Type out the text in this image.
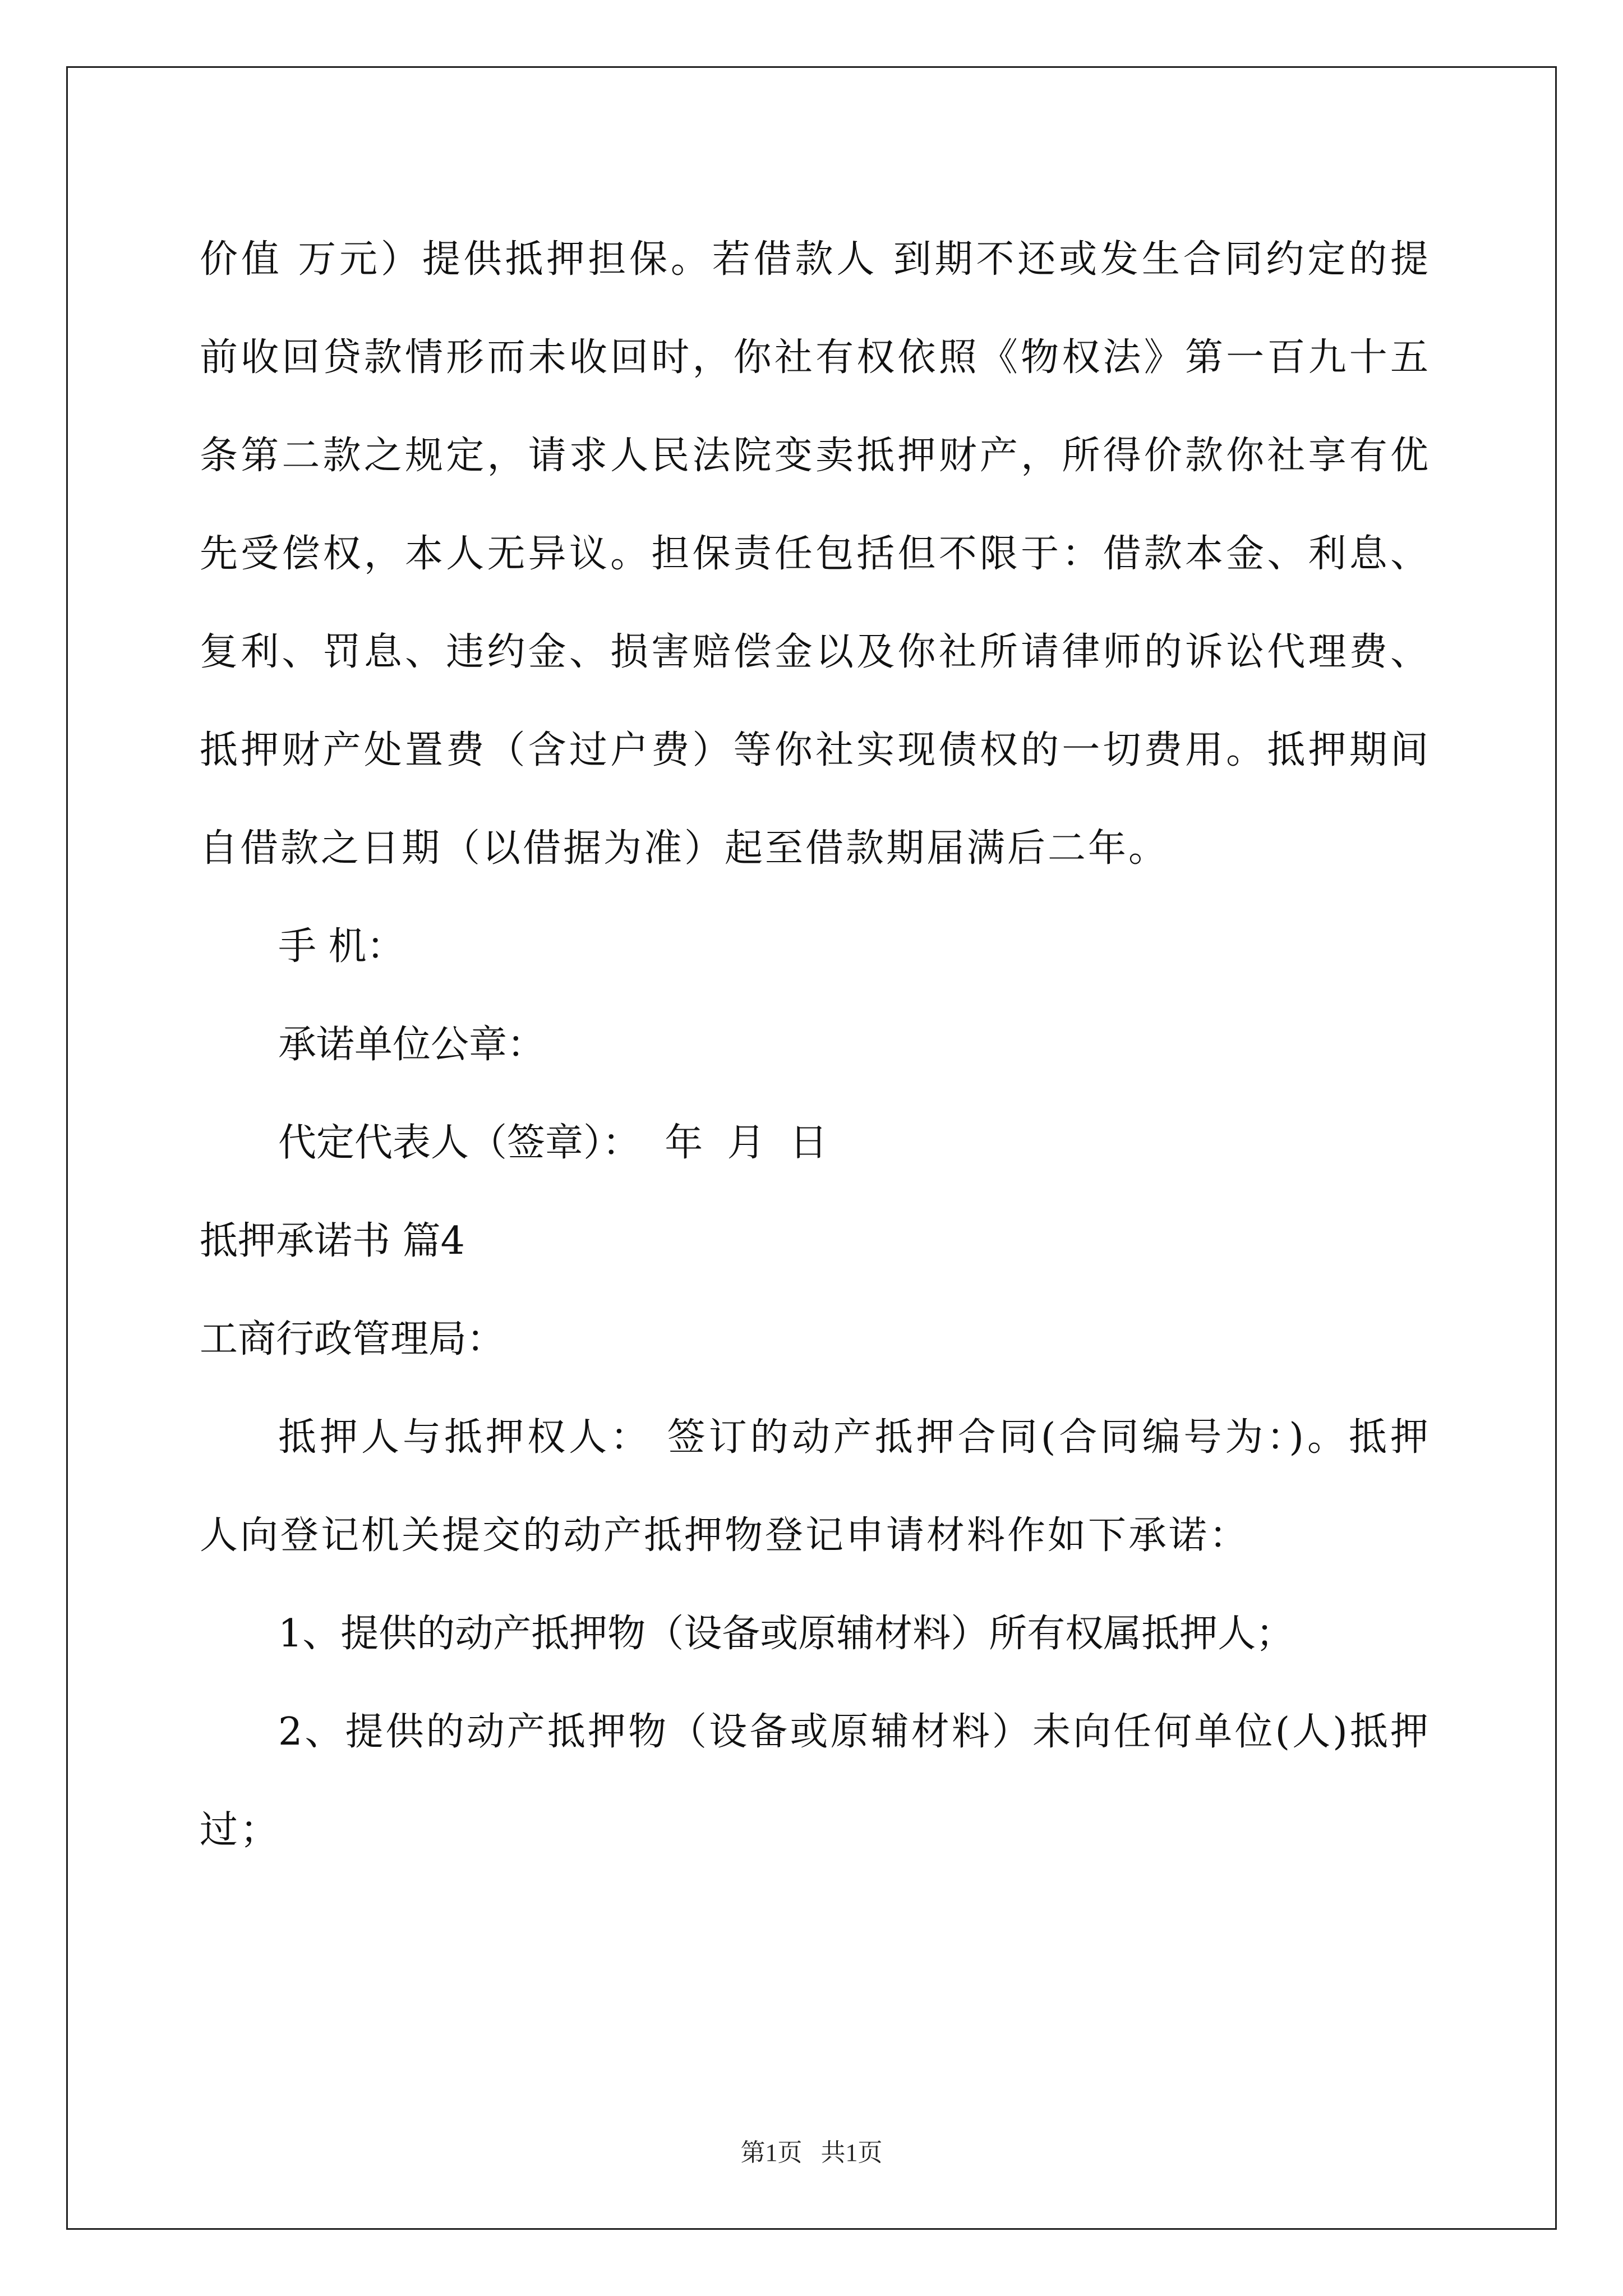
价值 万元）提供抵押担保。若借款人 到期不还或发生合同约定的提前收回贷款情形而未收回时，你社有权依照《物权法》第一百九十五条第二款之规定，请求人民法院变卖抵押财产，所得价款你社享有优先受偿权，本人无异议。担保责任包括但不限于：借款本金、利息、复利、罚息、违约金、损害赔偿金以及你社所请律师的诉讼代理费、抵押财产处置费（含过户费）等你社实现债权的一切费用。抵押期间自借款之日期（以借据为准）起至借款期届满后二年。

手 机：

承诺单位公章：

代定代表人（签章）：  年  月  日

抵押承诺书 篇4

工商行政管理局：

抵押人与抵押权人： 签订的动产抵押合同(合同编号为：)。抵押人向登记机关提交的动产抵押物登记申请材料作如下承诺：

1、提供的动产抵押物（设备或原辅材料）所有权属抵押人；

2、提供的动产抵押物（设备或原辅材料）未向任何单位(人)抵押过；

第1页   共1页
